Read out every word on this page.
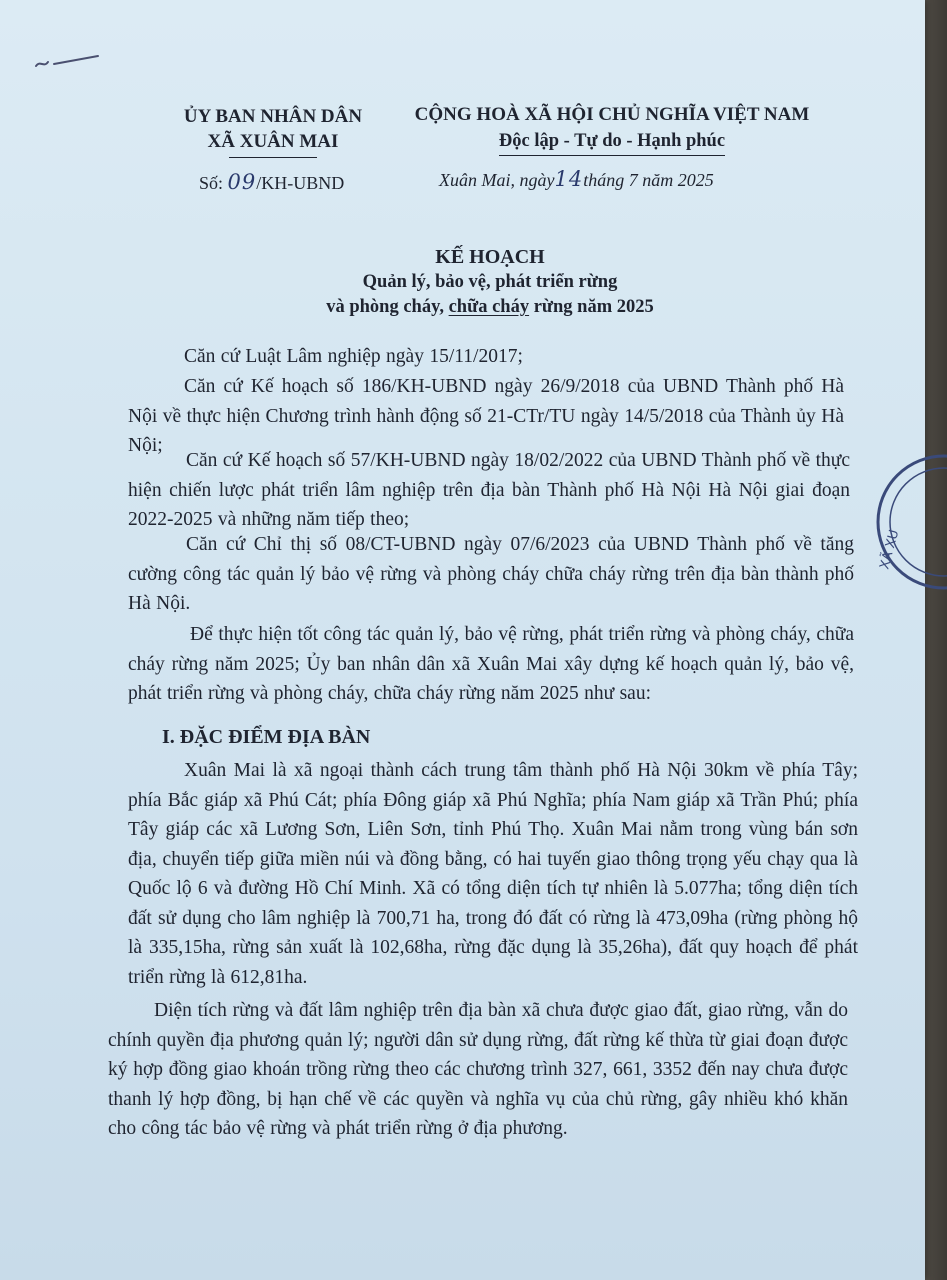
ỦY BAN NHÂN DÂN
XÃ XUÂN MAI
CỘNG HOÀ XÃ HỘI CHỦ NGHĨA VIỆT NAM
Độc lập - Tự do - Hạnh phúc
Số: 09/KH-UBND	Xuân Mai, ngày14tháng 7 năm 2025
KẾ HOẠCH
Quản lý, bảo vệ, phát triển rừng
và phòng cháy, chữa cháy rừng năm 2025
Căn cứ Luật Lâm nghiệp ngày 15/11/2017;
Căn cứ Kế hoạch số 186/KH-UBND ngày 26/9/2018 của UBND Thành phố Hà Nội về thực hiện Chương trình hành động số 21-CTr/TU ngày 14/5/2018 của Thành ủy Hà Nội;
Căn cứ Kế hoạch số 57/KH-UBND ngày 18/02/2022 của UBND Thành phố về thực hiện chiến lược phát triển lâm nghiệp trên địa bàn Thành phố Hà Nội Hà Nội giai đoạn 2022-2025 và những năm tiếp theo;
Căn cứ Chỉ thị số 08/CT-UBND ngày 07/6/2023 của UBND Thành phố về tăng cường công tác quản lý bảo vệ rừng và phòng cháy chữa cháy rừng trên địa bàn thành phố Hà Nội.
Để thực hiện tốt công tác quản lý, bảo vệ rừng, phát triển rừng và phòng cháy, chữa cháy rừng năm 2025; Ủy ban nhân dân xã Xuân Mai xây dựng kế hoạch quản lý, bảo vệ, phát triển rừng và phòng cháy, chữa cháy rừng năm 2025 như sau:
I. ĐẶC ĐIỂM ĐỊA BÀN
Xuân Mai là xã ngoại thành cách trung tâm thành phố Hà Nội 30km về phía Tây; phía Bắc giáp xã Phú Cát; phía Đông giáp xã Phú Nghĩa; phía Nam giáp xã Trần Phú; phía Tây giáp các xã Lương Sơn, Liên Sơn, tỉnh Phú Thọ. Xuân Mai nằm trong vùng bán sơn địa, chuyển tiếp giữa miền núi và đồng bằng, có hai tuyến giao thông trọng yếu chạy qua là Quốc lộ 6 và đường Hồ Chí Minh. Xã có tổng diện tích tự nhiên là 5.077ha; tổng diện tích đất sử dụng cho lâm nghiệp là 700,71 ha, trong đó đất có rừng là 473,09ha (rừng phòng hộ là 335,15ha, rừng sản xuất là 102,68ha, rừng đặc dụng là 35,26ha), đất quy hoạch để phát triển rừng là 612,81ha.
Diện tích rừng và đất lâm nghiệp trên địa bàn xã chưa được giao đất, giao rừng, vẫn do chính quyền địa phương quản lý; người dân sử dụng rừng, đất rừng kế thừa từ giai đoạn được ký hợp đồng giao khoán trồng rừng theo các chương trình 327, 661, 3352 đến nay chưa được thanh lý hợp đồng, bị hạn chế về các quyền và nghĩa vụ của chủ rừng, gây nhiều khó khăn cho công tác bảo vệ rừng và phát triển rừng ở địa phương.
XÃ XU
